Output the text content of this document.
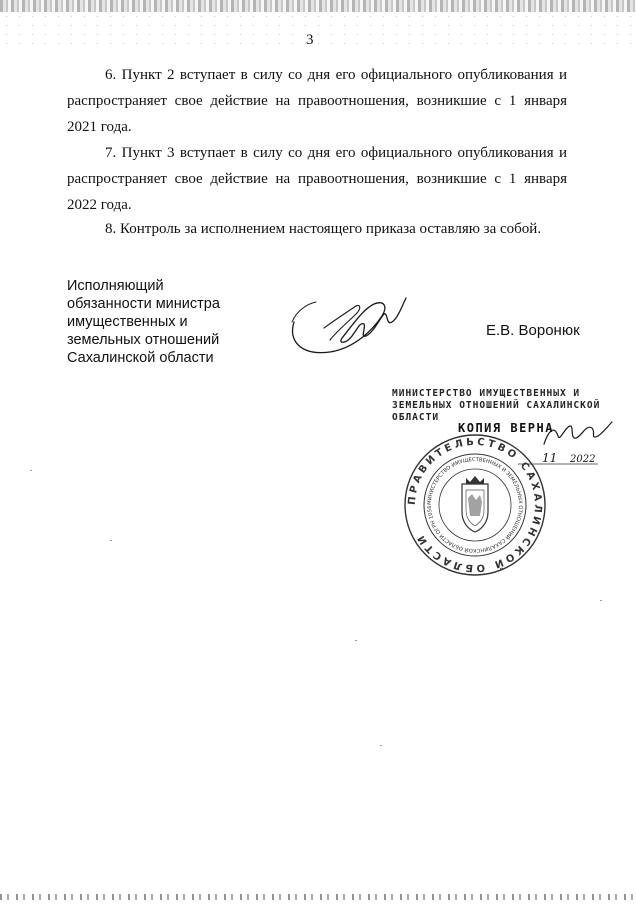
3

6. Пункт 2 вступает в силу со дня его официального опубликования и распространяет свое действие на правоотношения, возникшие с 1 января 2021 года.

7. Пункт 3 вступает в силу со дня его официального опубликования и распространяет свое действие на правоотношения, возникшие с 1 января 2022 года.

8. Контроль за исполнением настоящего приказа оставляю за собой.

Исполняющий
обязанности министра
имущественных и
земельных отношений
Сахалинской области
Е.В. Воронюк
МИНИСТЕРСТВО ИМУЩЕСТВЕННЫХ И
ЗЕМЕЛЬНЫХ ОТНОШЕНИЙ САХАЛИНСКОЙ
ОБЛАСТИ
КОПИЯ ВЕРНА
11 2022
ПРАВИТЕЛЬСТВО САХАЛИНСКОЙ ОБЛАСТИ
МИНИСТЕРСТВО ИМУЩЕСТВЕННЫХ И ЗЕМЕЛЬНЫХ ОТНОШЕНИЙ САХАЛИНСКОЙ ОБЛАСТИ ОГРН 1056
